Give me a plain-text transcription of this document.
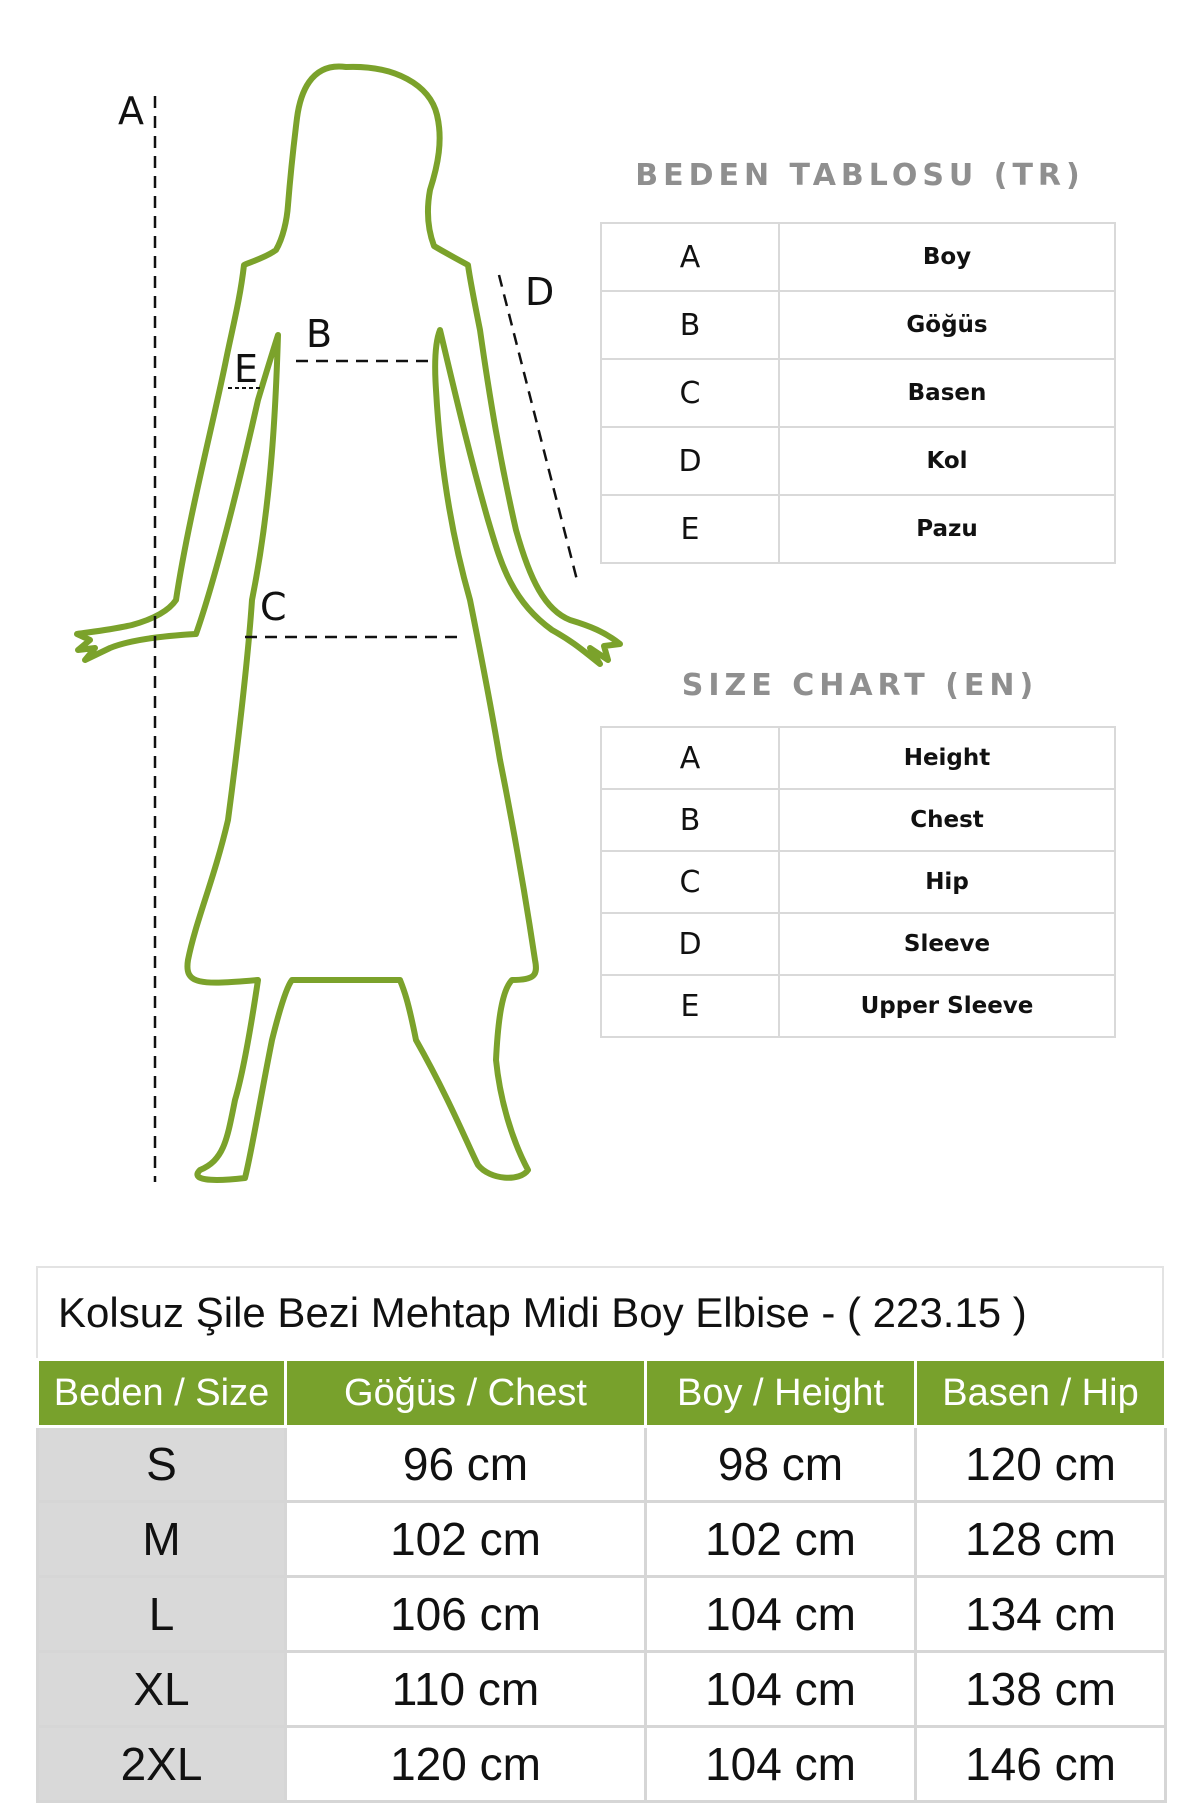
A
B
C
D
E
BEDEN TABLOSU (TR)
A	Boy
B	Göğüs
C	Basen
D	Kol
E	Pazu
SIZE CHART (EN)
A	Height
B	Chest
C	Hip
D	Sleeve
E	Upper Sleeve
Kolsuz Şile Bezi Mehtap Midi Boy Elbise - ( 223.15 )
Beden / Size	Göğüs / Chest	Boy / Height	Basen / Hip
S	96 cm	98 cm	120 cm
M	102 cm	102 cm	128 cm
L	106 cm	104 cm	134 cm
XL	110 cm	104 cm	138 cm
2XL	120 cm	104 cm	146 cm
